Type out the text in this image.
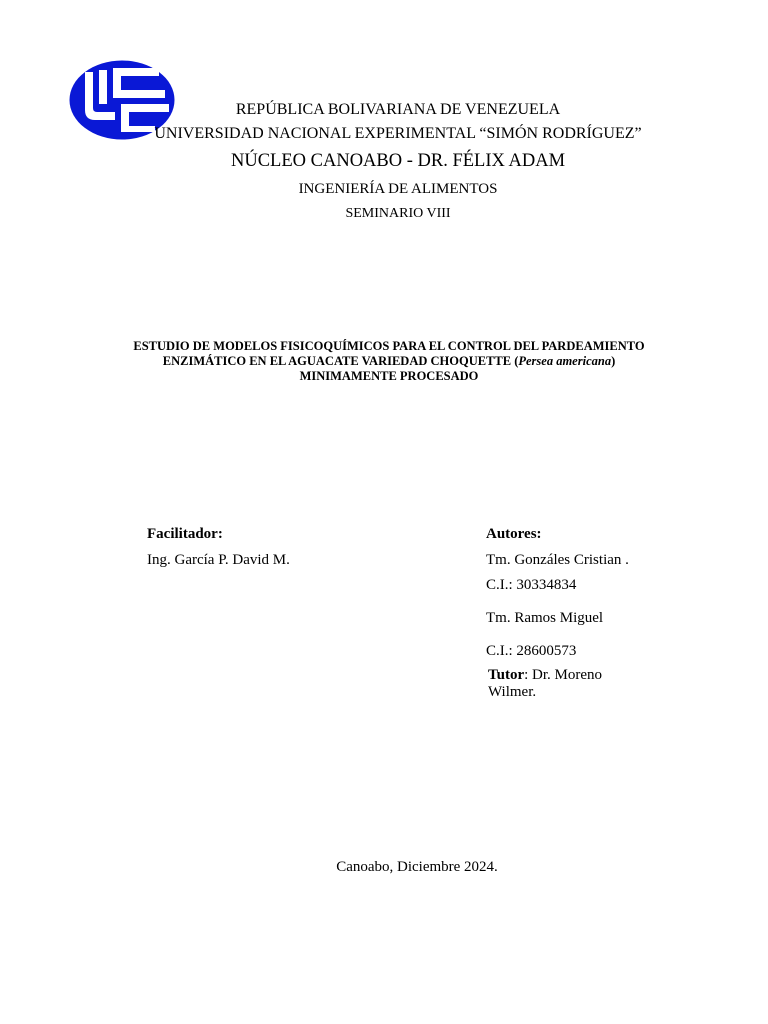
REPÚBLICA BOLIVARIANA DE VENEZUELA
UNIVERSIDAD NACIONAL EXPERIMENTAL “SIMÓN RODRÍGUEZ”
NÚCLEO CANOABO - DR. FÉLIX ADAM
INGENIERÍA DE ALIMENTOS
SEMINARIO VIII
ESTUDIO DE MODELOS FISICOQUÍMICOS PARA EL CONTROL DEL PARDEAMIENTO
ENZIMÁTICO EN EL AGUACATE VARIEDAD CHOQUETTE (Persea americana)
MINIMAMENTE PROCESADO
Facilitador:
Ing. García P. David M.
Autores:
Tm. Gonzáles Cristian .
C.I.: 30334834
Tm. Ramos Miguel
C.I.: 28600573
Tutor: Dr. Moreno Wilmer.
Canoabo, Diciembre 2024.
